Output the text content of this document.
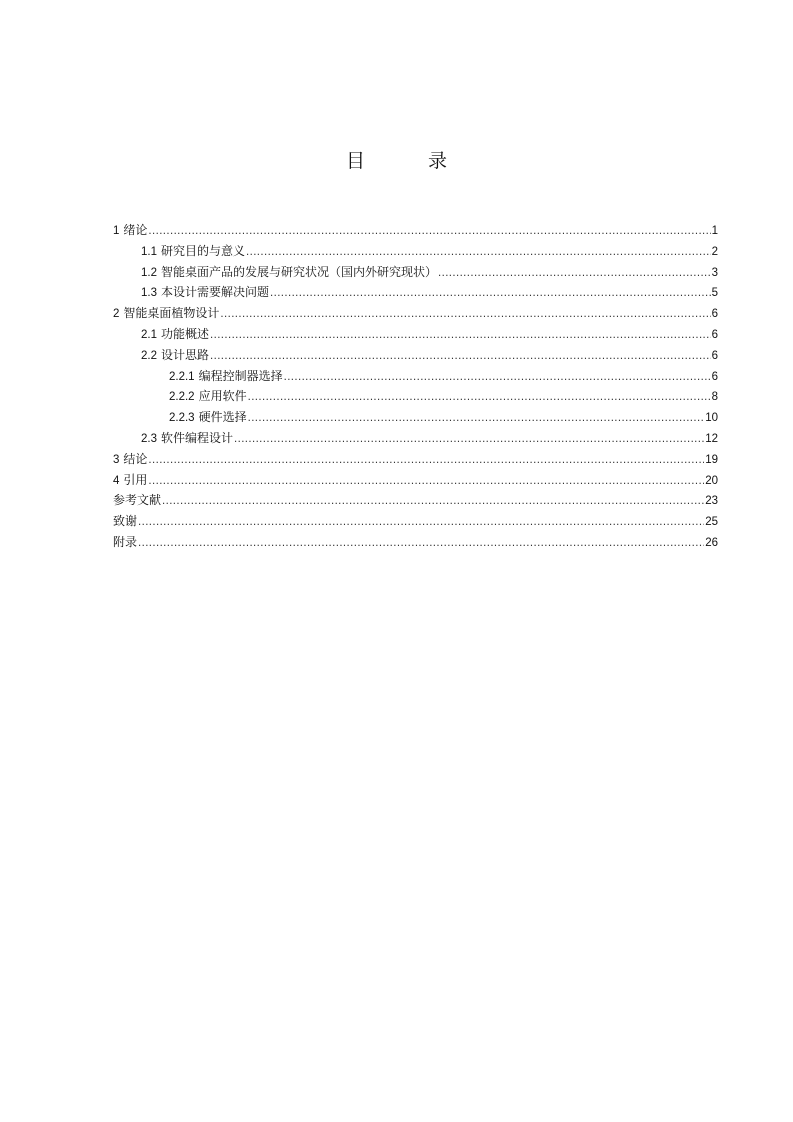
目　录
1 绪论 .....	1
1.1 研究目的与意义 .....	2
1.2 智能桌面产品的发展与研究状况（国内外研究现状） .....	3
1.3 本设计需要解决问题 .....	5
2 智能桌面植物设计 .....	6
2.1 功能概述 .....	6
2.2 设计思路 .....	6
2.2.1 编程控制器选择 .....	6
2.2.2 应用软件 .....	8
2.2.3 硬件选择 .....	10
2.3 软件编程设计 .....	12
3 结论 .....	19
4 引用 .....	20
参考文献 .....	23
致谢 .....	25
附录 .....	26
